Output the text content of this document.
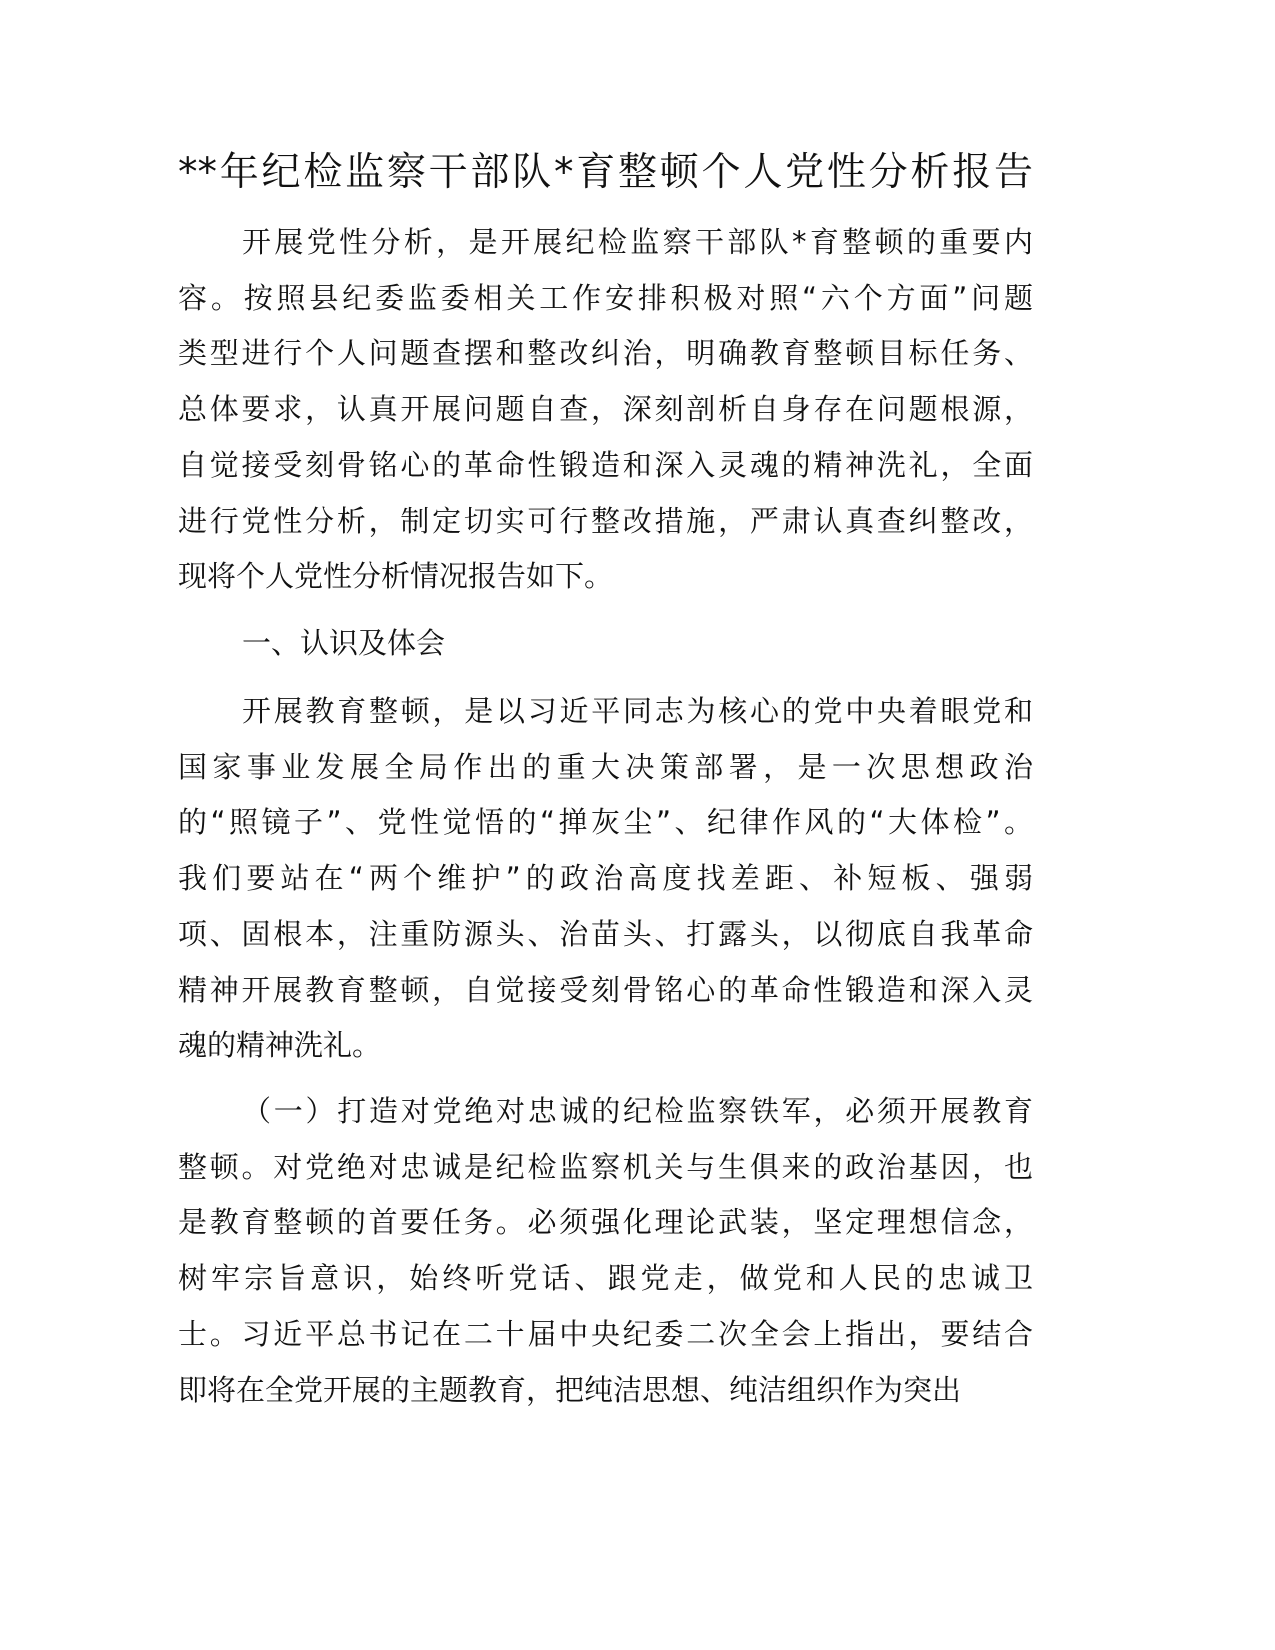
**年纪检监察干部队*育整顿个人党性分析报告
开展党性分析，是开展纪检监察干部队*育整顿的重要内
容。按照县纪委监委相关工作安排积极对照“六个方面”问题
类型进行个人问题查摆和整改纠治，明确教育整顿目标任务、
总体要求，认真开展问题自查，深刻剖析自身存在问题根源，
自觉接受刻骨铭心的革命性锻造和深入灵魂的精神洗礼，全面
进行党性分析，制定切实可行整改措施，严肃认真查纠整改，
现将个人党性分析情况报告如下。
一、认识及体会
开展教育整顿，是以习近平同志为核心的党中央着眼党和
国家事业发展全局作出的重大决策部署，是一次思想政治
的“照镜子”、党性觉悟的“掸灰尘”、纪律作风的“大体检”。
我们要站在“两个维护”的政治高度找差距、补短板、强弱
项、固根本，注重防源头、治苗头、打露头，以彻底自我革命
精神开展教育整顿，自觉接受刻骨铭心的革命性锻造和深入灵
魂的精神洗礼。
（一）打造对党绝对忠诚的纪检监察铁军，必须开展教育
整顿。对党绝对忠诚是纪检监察机关与生俱来的政治基因，也
是教育整顿的首要任务。必须强化理论武装，坚定理想信念，
树牢宗旨意识，始终听党话、跟党走，做党和人民的忠诚卫
士。习近平总书记在二十届中央纪委二次全会上指出，要结合
即将在全党开展的主题教育，把纯洁思想、纯洁组织作为突出
